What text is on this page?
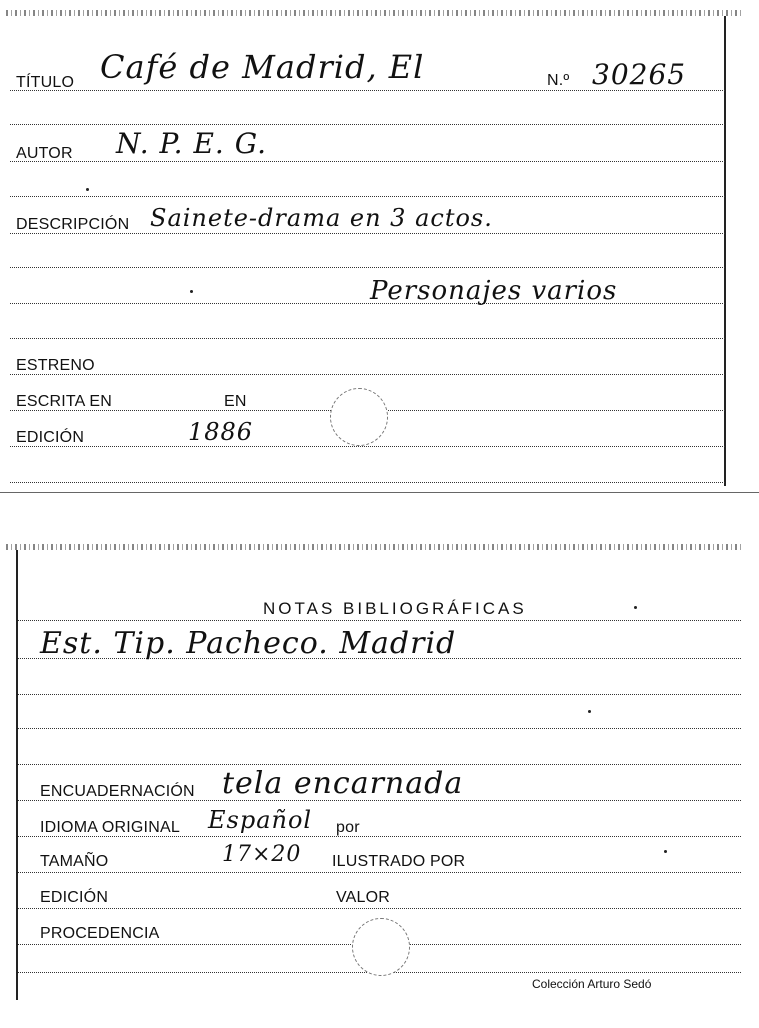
TÍTULO Café de Madrid, El	N.º 30265
AUTOR N. P. E. G.
DESCRIPCIÓN Sainete-drama en 3 actos.
Personajes varios
ESTRENO
ESCRITA EN	EN
EDICIÓN	1886
NOTAS BIBLIOGRÁFICAS
Est. Tip. Pacheco. Madrid
ENCUADERNACIÓN tela encarnada
IDIOMA ORIGINAL Español por
TAMAÑO	17×20 ILUSTRADO POR
EDICIÓN	VALOR
PROCEDENCIA
Colección Arturo Sedó
